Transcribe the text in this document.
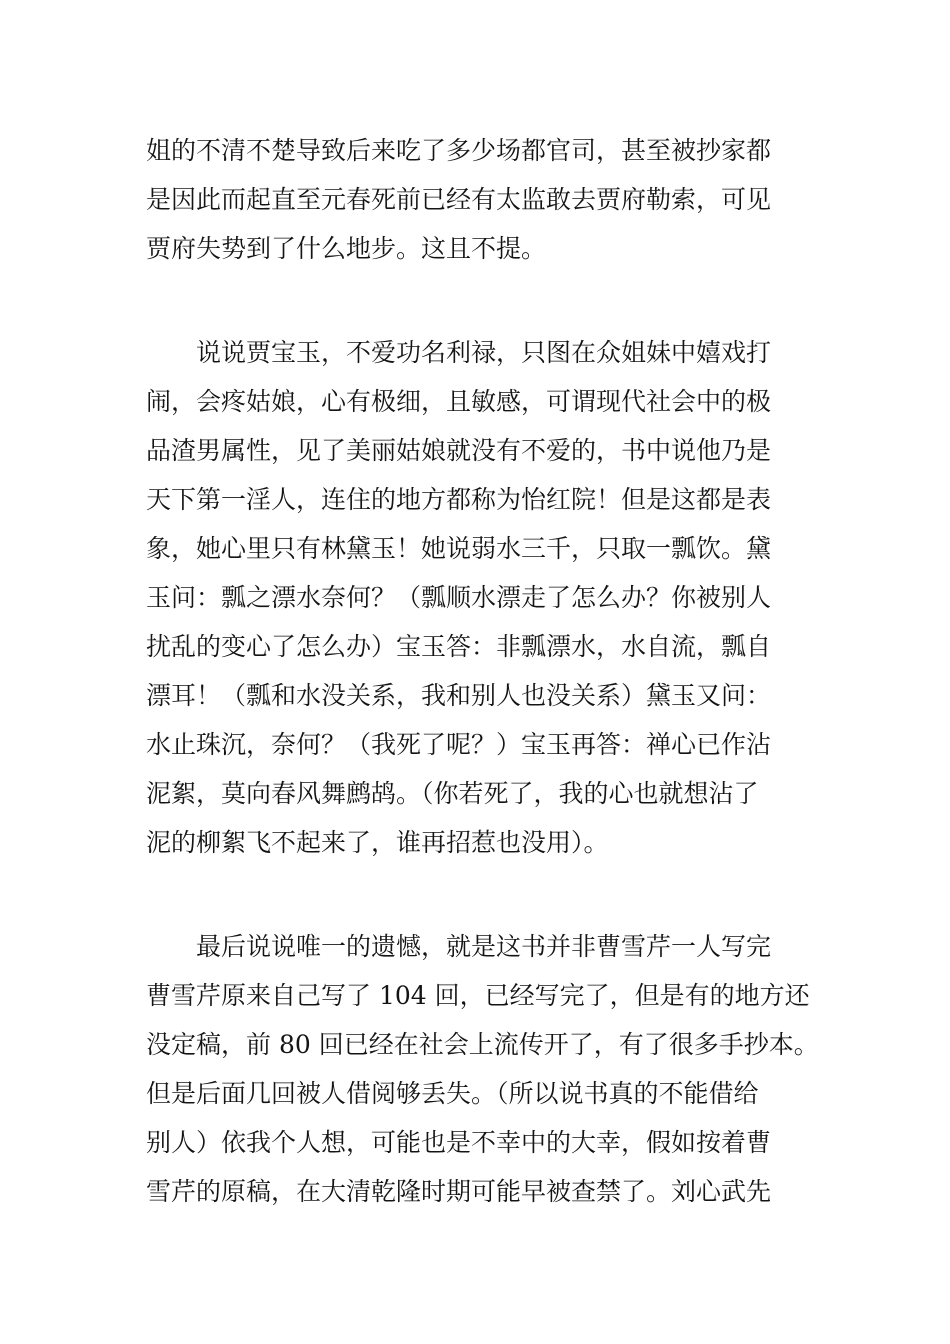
姐的不清不楚导致后来吃了多少场都官司，甚至被抄家都
是因此而起直至元春死前已经有太监敢去贾府勒索，可见
贾府失势到了什么地步。这且不提。
说说贾宝玉，不爱功名利禄，只图在众姐妹中嬉戏打
闹，会疼姑娘，心有极细，且敏感，可谓现代社会中的极
品渣男属性，见了美丽姑娘就没有不爱的，书中说他乃是
天下第一淫人，连住的地方都称为怡红院！但是这都是表
象，她心里只有林黛玉！她说弱水三千，只取一瓢饮。黛
玉问：瓢之漂水奈何？（瓢顺水漂走了怎么办？你被别人
扰乱的变心了怎么办）宝玉答：非瓢漂水，水自流，瓢自
漂耳！（瓢和水没关系，我和别人也没关系）黛玉又问：
水止珠沉，奈何？（我死了呢？）宝玉再答：禅心已作沾
泥絮，莫向春风舞鹧鸪。（你若死了，我的心也就想沾了
泥的柳絮飞不起来了，谁再招惹也没用）。
最后说说唯一的遗憾，就是这书并非曹雪芹一人写完
曹雪芹原来自己写了 104 回，已经写完了，但是有的地方还
没定稿，前 80 回已经在社会上流传开了，有了很多手抄本。
但是后面几回被人借阅够丢失。（所以说书真的不能借给
别人）依我个人想，可能也是不幸中的大幸，假如按着曹
雪芹的原稿，在大清乾隆时期可能早被查禁了。刘心武先
